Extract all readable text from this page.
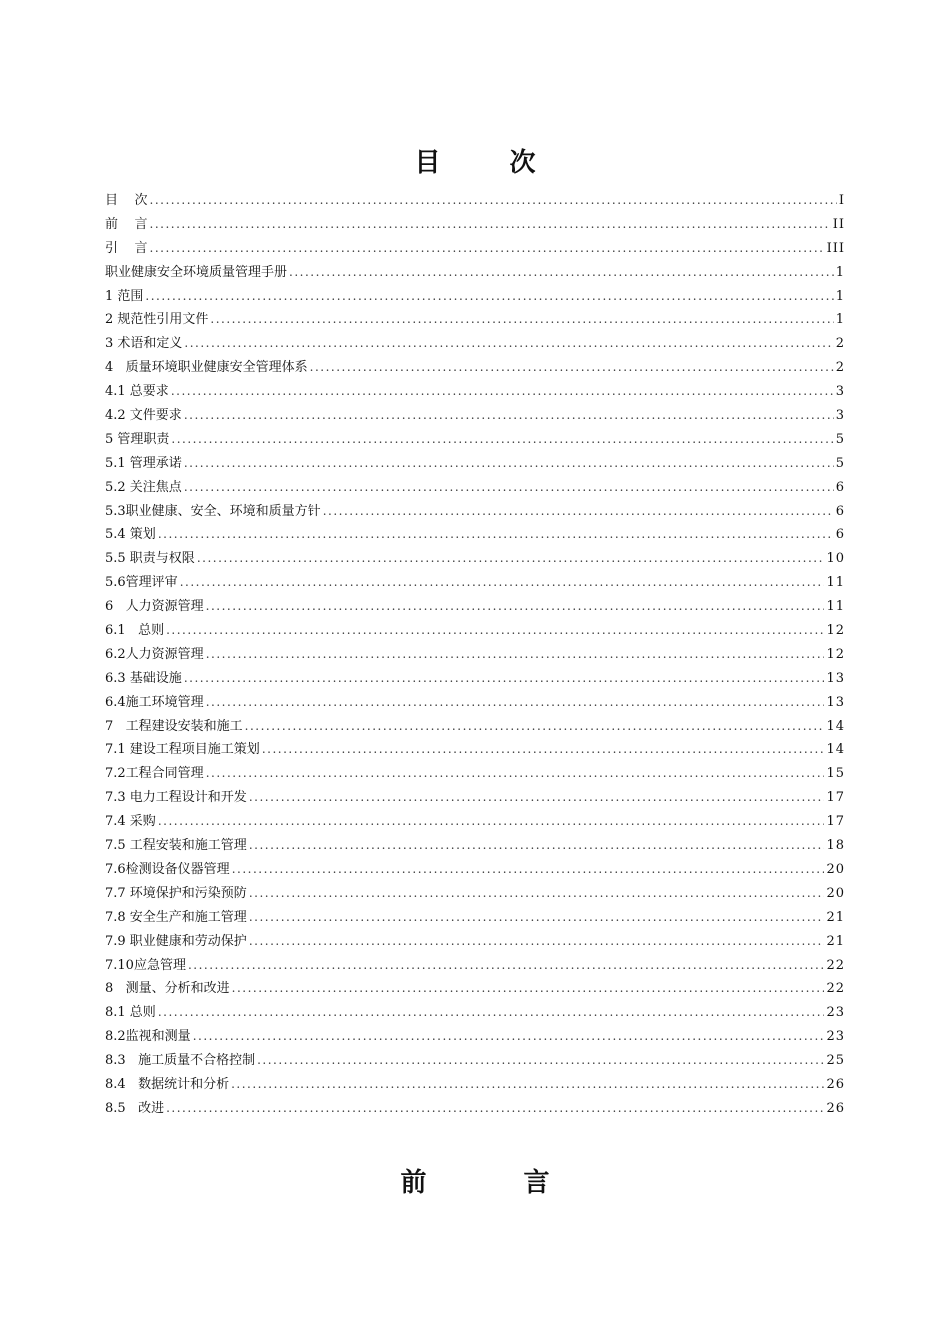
目 次
目    次 .....	I
前    言 .....	II
引    言 .....	III
职业健康安全环境质量管理手册 .....	1
1 范围 .....	1
2 规范性引用文件 .....	1
3 术语和定义 .....	2
4   质量环境职业健康安全管理体系 .....	2
4.1 总要求 .....	3
4.2 文件要求 .....	3
5 管理职责 .....	5
5.1 管理承诺 .....	5
5.2 关注焦点 .....	6
5.3职业健康、安全、环境和质量方针 .....	6
5.4 策划 .....	6
5.5 职责与权限 .....	10
5.6管理评审 .....	11
6   人力资源管理 .....	11
6.1   总则 .....	12
6.2人力资源管理 .....	12
6.3 基础设施 .....	13
6.4施工环境管理 .....	13
7   工程建设安装和施工 .....	14
7.1 建设工程项目施工策划 .....	14
7.2工程合同管理 .....	15
7.3 电力工程设计和开发 .....	17
7.4 采购 .....	17
7.5 工程安装和施工管理 .....	18
7.6检测设备仪器管理 .....	20
7.7 环境保护和污染预防 .....	20
7.8 安全生产和施工管理 .....	21
7.9 职业健康和劳动保护 .....	21
7.10应急管理 .....	22
8   测量、分析和改进 .....	22
8.1 总则 .....	23
8.2监视和测量 .....	23
8.3   施工质量不合格控制 .....	25
8.4   数据统计和分析 .....	26
8.5   改进 .....	26
前 言
